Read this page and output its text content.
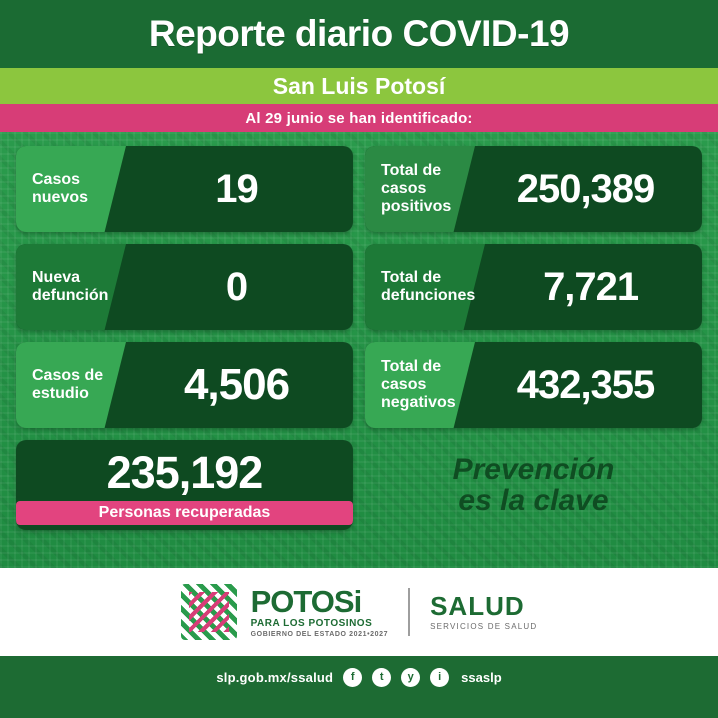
Reporte diario COVID-19
San Luis Potosí
Al 29 junio se han identificado:
Casos
nuevos	19	Total de
casos
positivos	250,389
Nueva
defunción	0	Total de
defunciones	7,721
Casos de
estudio	4,506	Total de
casos
negativos	432,355
235,192
Personas recuperadas
Prevención
es la clave
POTOSi
PARA LOS POTOSINOS
GOBIERNO DEL ESTADO 2021•2027
SALUD
SERVICIOS DE SALUD
slp.gob.mx/ssalud	f	t	y	i	ssaslp
